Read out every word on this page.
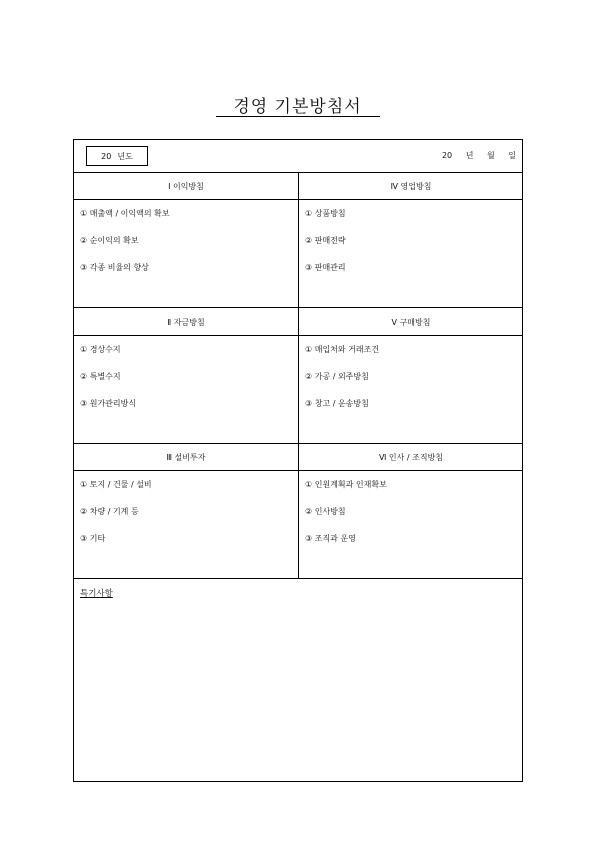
경영 기본방침서
20 년도	20 년 월 일
Ⅰ 이익방침
① 매출액 / 이익액의 확보
② 순이익의 확보
③ 각종 비율의 향상
Ⅳ 영업방침
① 상품방침
② 판매전략
③ 판매관리
Ⅱ 자금방침
① 경상수지
② 특별수지
③ 원가관리방식
Ⅴ 구매방침
① 매입처와 거래조건
② 가공 / 외주방침
③ 창고 / 운송방침
Ⅲ 설비투자
① 토지 / 건물 / 설비
② 차량 / 기계 등
③ 기타
Ⅵ 인사 / 조직방침
① 인원계획과 인재확보
② 인사방침
③ 조직과 운영
특기사항
